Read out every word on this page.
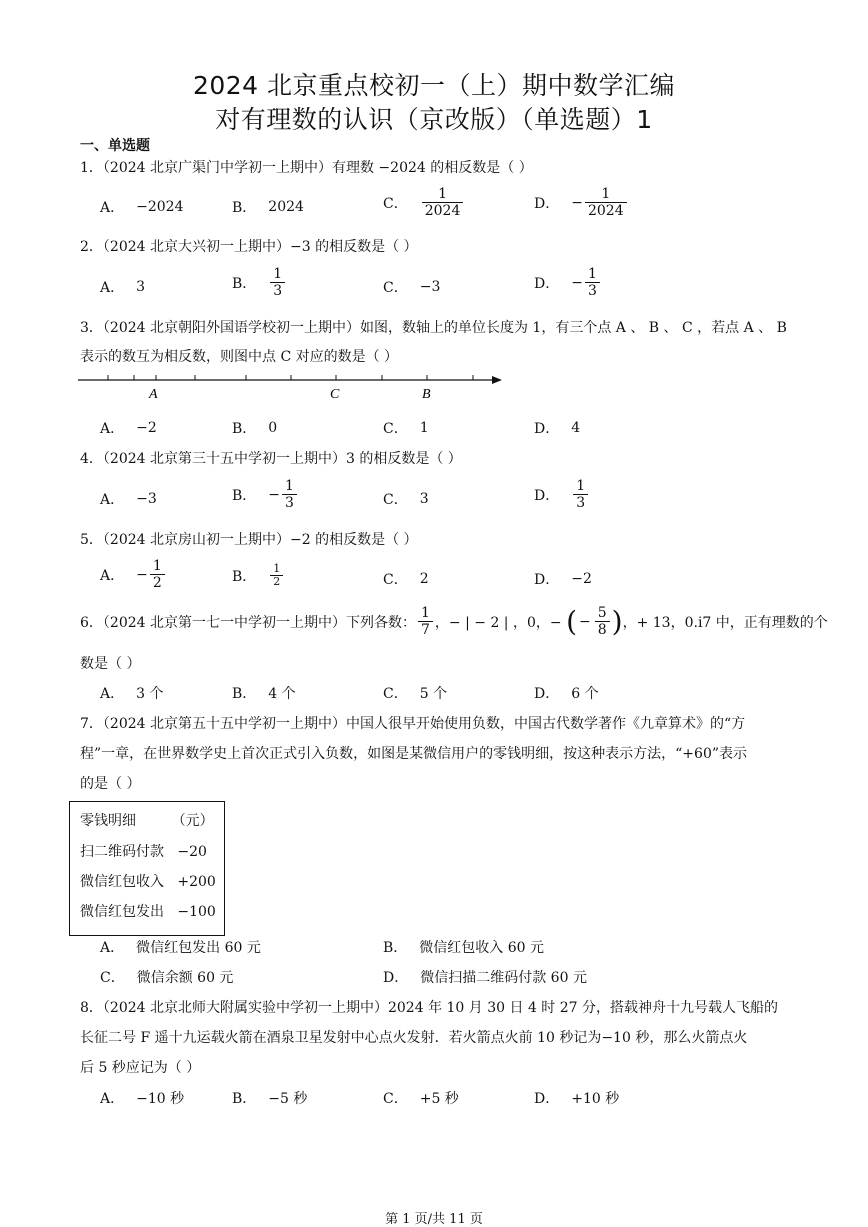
2024 北京重点校初一（上）期中数学汇编
对有理数的认识（京改版）（单选题）1
一、单选题
1．（2024 北京广渠门中学初一上期中）有理数 −2024 的相反数是（ ）
A． −2024	B． 2024	C． $\frac{1}{2024}$	D． − $\frac{1}{2024}$
2．（2024 北京大兴初一上期中）−3 的相反数是（ ）
A． 3	B． $\frac{1}{3}$	C． −3	D． − $\frac{1}{3}$
3．（2024 北京朝阳外国语学校初一上期中）如图，数轴上的单位长度为 1，有三个点 A 、 B 、 C ，若点 A 、 B
表示的数互为相反数，则图中点 C 对应的数是（ ）
A	C	B
A． −2	B． 0	C． 1	D． 4
4．（2024 北京第三十五中学初一上期中）3 的相反数是（ ）
A． −3	B． − $\frac{1}{3}$	C． 3	D． $\frac{1}{3}$
5．（2024 北京房山初一上期中）−2 的相反数是（ ）
A． − $\frac{1}{2}$	B． $\frac{1}{2}$	C． 2	D． −2
6．（2024 北京第一七一中学初一上期中）下列各数： $\frac{1}{7}$ ，− | − 2 | ，0，− ( − $\frac{5}{8}$ ) ，+ 13，0.i7 中，正有理数的个
数是（ ）
A． 3 个	B． 4 个	C． 5 个	D． 6 个
7．（2024 北京第五十五中学初一上期中）中国人很早开始使用负数，中国古代数学著作《九章算术》的“方
程”一章，在世界数学史上首次正式引入负数，如图是某微信用户的零钱明细，按这种表示方法，“+60”表示
的是（ ）
零钱明细        （元）
扫二维码付款   −20
微信红包收入   +200
微信红包发出   −100
A． 微信红包发出 60 元	B． 微信红包收入 60 元
C． 微信余额 60 元	D． 微信扫描二维码付款 60 元
8．（2024 北京北师大附属实验中学初一上期中）2024 年 10 月 30 日 4 时 27 分，搭载神舟十九号载人飞船的
长征二号 F 遥十九运载火箭在酒泉卫星发射中心点火发射．若火箭点火前 10 秒记为−10 秒，那么火箭点火
后 5 秒应记为（ ）
A． −10 秒	B． −5 秒	C． +5 秒	D． +10 秒
第 1 页/共 11 页
